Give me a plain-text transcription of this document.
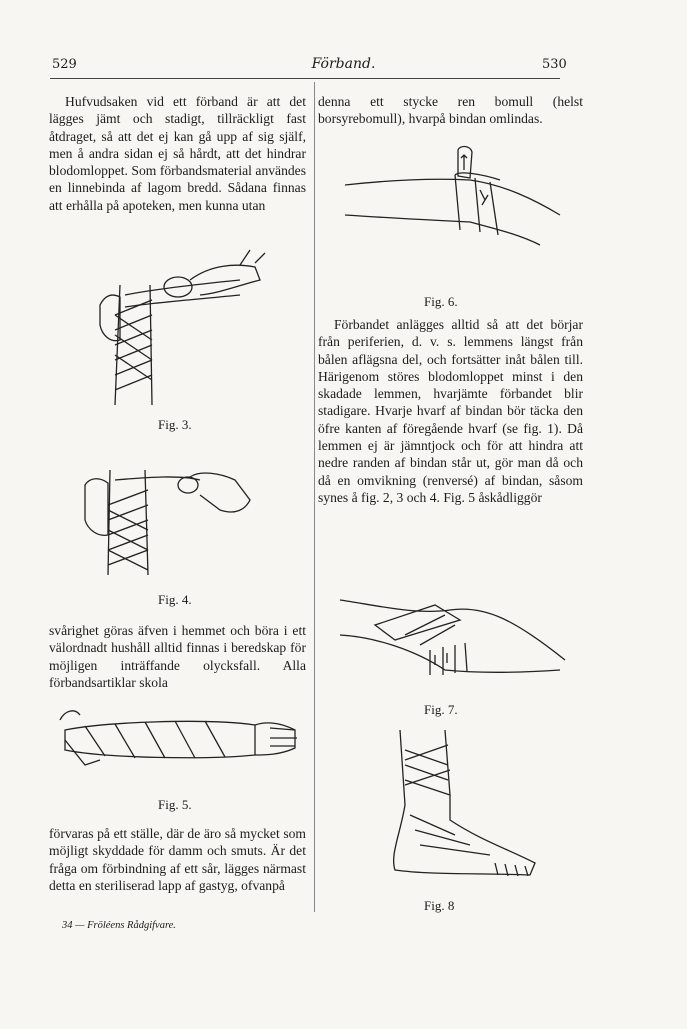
529	Förband.	530

Hufvudsaken vid ett förband är att det lägges jämt och stadigt, tillräckligt fast åtdraget, så att det ej kan gå upp af sig själf, men å andra sidan ej så hårdt, att det hindrar blodomloppet. Som förbandsmaterial användes en linnebinda af lagom bredd. Sådana finnas att erhålla på apoteken, men kunna utan

Fig. 3.
Fig. 4.

svårighet göras äfven i hemmet och böra i ett välordnadt hushåll alltid finnas i beredskap för möjligen inträffande olycksfall. Alla förbandsartiklar skola

Fig. 5.

förvaras på ett ställe, där de äro så mycket som möjligt skyddade för damm och smuts. Är det fråga om förbindning af ett sår, lägges närmast detta en steriliserad lapp af gastyg, ofvanpå

34 — Fröléens Rådgifvare.

denna ett stycke ren bomull (helst borsyrebomull), hvarpå bindan omlindas.

Fig. 6.

Förbandet anlägges alltid så att det börjar från periferien, d. v. s. lemmens längst från bålen aflägsna del, och fortsätter inåt bålen till. Härigenom störes blodomloppet minst i den skadade lemmen, hvarjämte förbandet blir stadigare. Hvarje hvarf af bindan bör täcka den öfre kanten af föregående hvarf (se fig. 1). Då lemmen ej är jämntjock och för att hindra att nedre randen af bindan står ut, gör man då och då en omvikning (renversé) af bindan, såsom synes å fig. 2, 3 och 4. Fig. 5 åskådliggör

Fig. 7.
Fig. 8
